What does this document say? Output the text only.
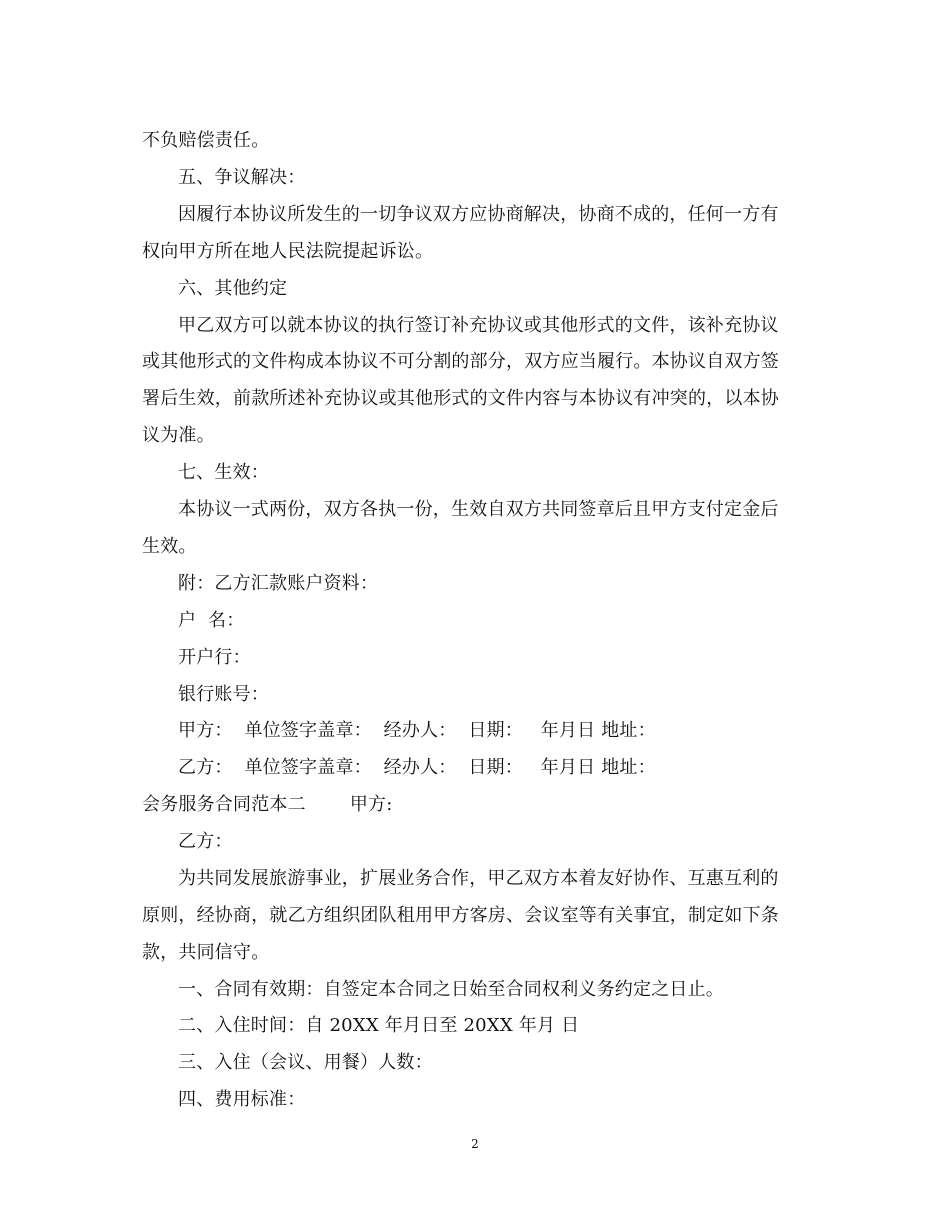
不负赔偿责任。
五、争议解决：
因履行本协议所发生的一切争议双方应协商解决，协商不成的，任何一方有
权向甲方所在地人民法院提起诉讼。
六、其他约定
甲乙双方可以就本协议的执行签订补充协议或其他形式的文件，该补充协议
或其他形式的文件构成本协议不可分割的部分，双方应当履行。本协议自双方签
署后生效，前款所述补充协议或其他形式的文件内容与本协议有冲突的，以本协
议为准。
七、生效：
本协议一式两份，双方各执一份，生效自双方共同签章后且甲方支付定金后
生效。
附：乙方汇款账户资料：
户  名：
开户行：
银行账号：
甲方：  单位签字盖章：  经办人：  日期：   年月日 地址：
乙方：  单位签字盖章：  经办人：  日期：   年月日 地址：
会务服务合同范本二 甲方:
乙方：
为共同发展旅游事业，扩展业务合作，甲乙双方本着友好协作、互惠互利的
原则，经协商，就乙方组织团队租用甲方客房、会议室等有关事宜，制定如下条
款，共同信守。
一、合同有效期：自签定本合同之日始至合同权利义务约定之日止。
二、入住时间：自 20XX 年月日至 20XX 年月 日
三、入住（会议、用餐）人数：
四、费用标准：
2
